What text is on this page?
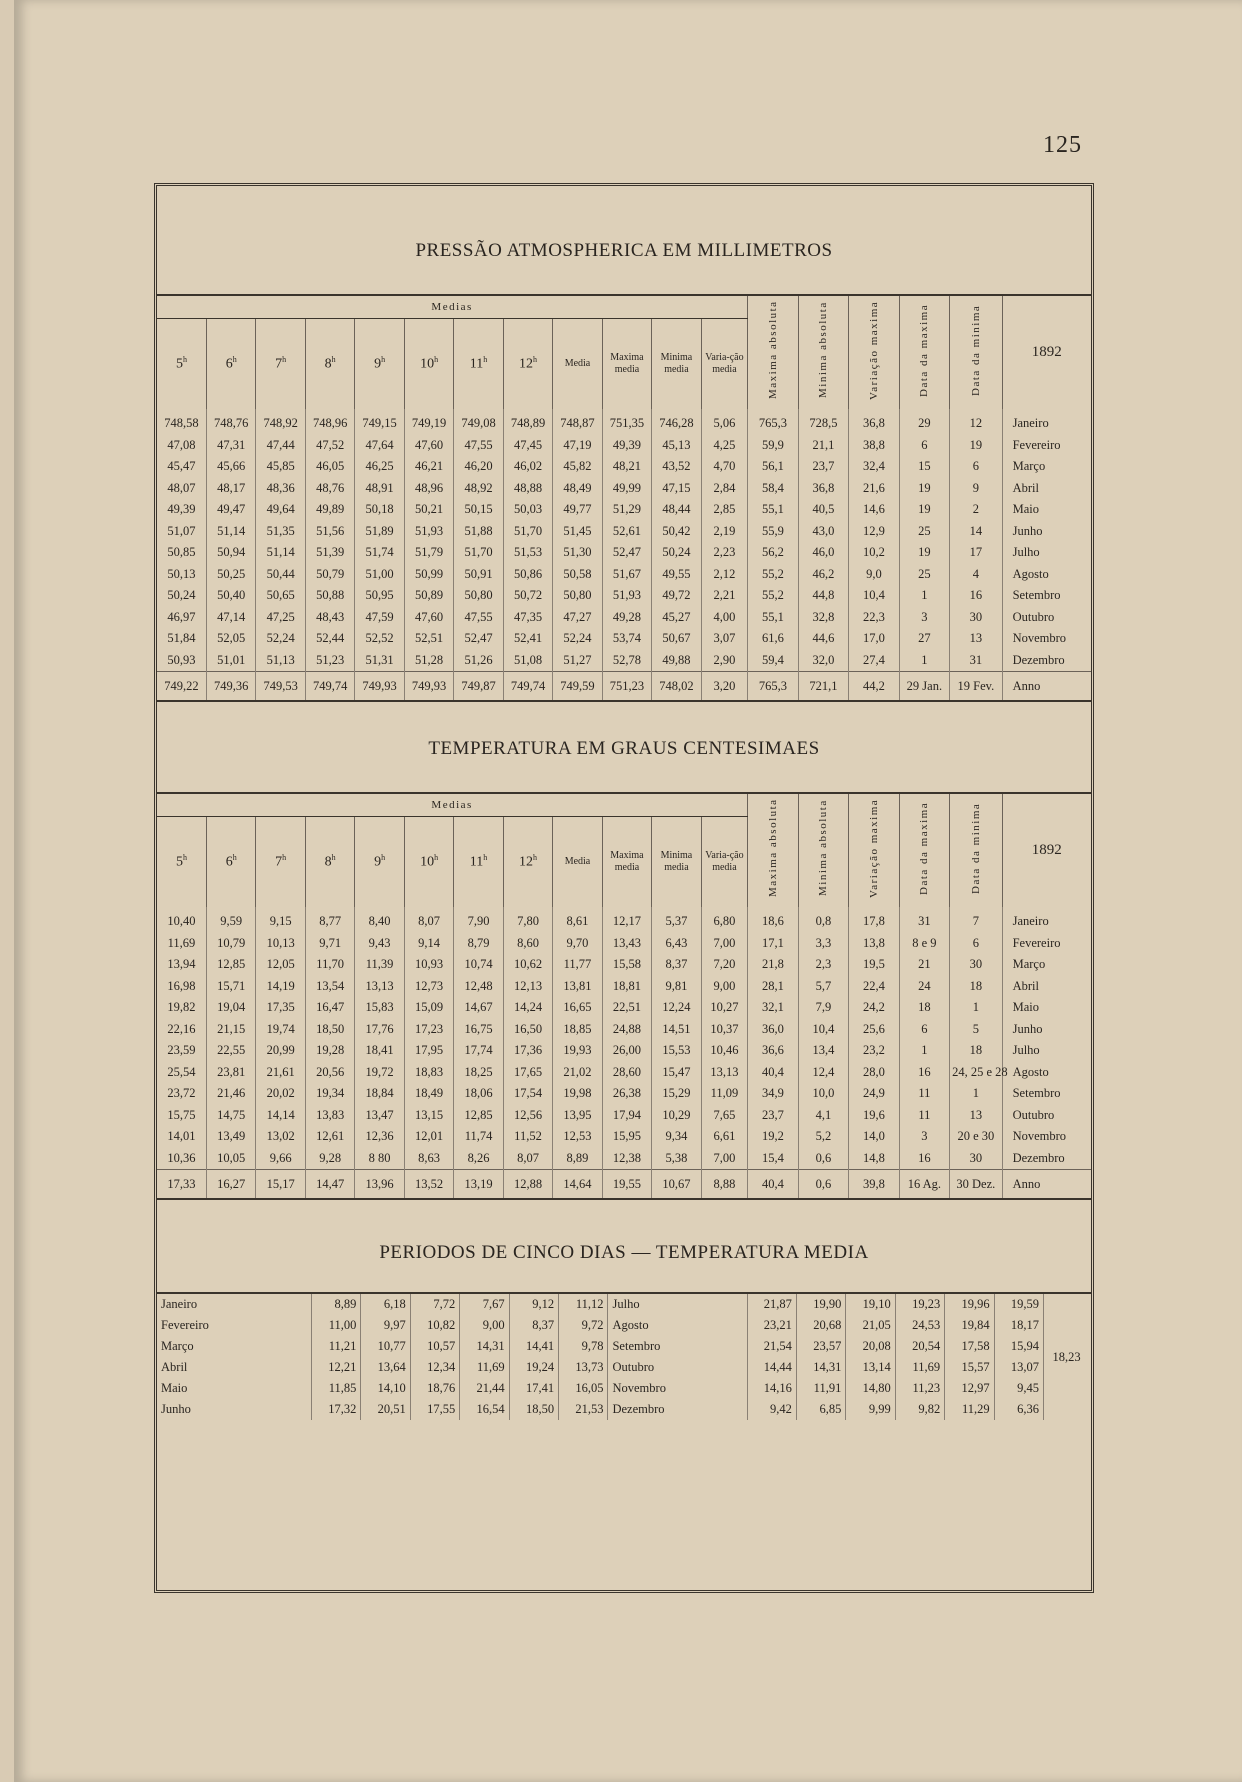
125
PRESSÃO ATMOSPHERICA EM MILLIMETROS
Medias												Maxima absoluta	Minima absoluta	Variação maxima	Data da maxima	Data da minima	1892
5$^h$	6$^h$	7$^h$	8$^h$	9$^h$	10$^h$	11$^h$	12$^h$	Media	Maxima media	Minima media	Varia-ção media						
748,58	748,76	748,92	748,96	749,15	749,19	749,08	748,89	748,87	751,35	746,28	5,06	765,3	728,5	36,8	29	12	Janeiro
47,08	47,31	47,44	47,52	47,64	47,60	47,55	47,45	47,19	49,39	45,13	4,25	59,9	21,1	38,8	6	19	Fevereiro
45,47	45,66	45,85	46,05	46,25	46,21	46,20	46,02	45,82	48,21	43,52	4,70	56,1	23,7	32,4	15	6	Março
48,07	48,17	48,36	48,76	48,91	48,96	48,92	48,88	48,49	49,99	47,15	2,84	58,4	36,8	21,6	19	9	Abril
49,39	49,47	49,64	49,89	50,18	50,21	50,15	50,03	49,77	51,29	48,44	2,85	55,1	40,5	14,6	19	2	Maio
51,07	51,14	51,35	51,56	51,89	51,93	51,88	51,70	51,45	52,61	50,42	2,19	55,9	43,0	12,9	25	14	Junho
50,85	50,94	51,14	51,39	51,74	51,79	51,70	51,53	51,30	52,47	50,24	2,23	56,2	46,0	10,2	19	17	Julho
50,13	50,25	50,44	50,79	51,00	50,99	50,91	50,86	50,58	51,67	49,55	2,12	55,2	46,2	9,0	25	4	Agosto
50,24	50,40	50,65	50,88	50,95	50,89	50,80	50,72	50,80	51,93	49,72	2,21	55,2	44,8	10,4	1	16	Setembro
46,97	47,14	47,25	48,43	47,59	47,60	47,55	47,35	47,27	49,28	45,27	4,00	55,1	32,8	22,3	3	30	Outubro
51,84	52,05	52,24	52,44	52,52	52,51	52,47	52,41	52,24	53,74	50,67	3,07	61,6	44,6	17,0	27	13	Novembro
50,93	51,01	51,13	51,23	51,31	51,28	51,26	51,08	51,27	52,78	49,88	2,90	59,4	32,0	27,4	1	31	Dezembro
749,22	749,36	749,53	749,74	749,93	749,93	749,87	749,74	749,59	751,23	748,02	3,20	765,3	721,1	44,2	29 Jan.	19 Fev.	Anno
TEMPERATURA EM GRAUS CENTESIMAES
Medias												Maxima absoluta	Minima absoluta	Variação maxima	Data da maxima	Data da minima	1892
5$^h$	6$^h$	7$^h$	8$^h$	9$^h$	10$^h$	11$^h$	12$^h$	Media	Maxima media	Minima media	Varia-ção media						
10,40	9,59	9,15	8,77	8,40	8,07	7,90	7,80	8,61	12,17	5,37	6,80	18,6	0,8	17,8	31	7	Janeiro
11,69	10,79	10,13	9,71	9,43	9,14	8,79	8,60	9,70	13,43	6,43	7,00	17,1	3,3	13,8	8 e 9	6	Fevereiro
13,94	12,85	12,05	11,70	11,39	10,93	10,74	10,62	11,77	15,58	8,37	7,20	21,8	2,3	19,5	21	30	Março
16,98	15,71	14,19	13,54	13,13	12,73	12,48	12,13	13,81	18,81	9,81	9,00	28,1	5,7	22,4	24	18	Abril
19,82	19,04	17,35	16,47	15,83	15,09	14,67	14,24	16,65	22,51	12,24	10,27	32,1	7,9	24,2	18	1	Maio
22,16	21,15	19,74	18,50	17,76	17,23	16,75	16,50	18,85	24,88	14,51	10,37	36,0	10,4	25,6	6	5	Junho
23,59	22,55	20,99	19,28	18,41	17,95	17,74	17,36	19,93	26,00	15,53	10,46	36,6	13,4	23,2	1	18	Julho
25,54	23,81	21,61	20,56	19,72	18,83	18,25	17,65	21,02	28,60	15,47	13,13	40,4	12,4	28,0	16	24, 25 e 28	Agosto
23,72	21,46	20,02	19,34	18,84	18,49	18,06	17,54	19,98	26,38	15,29	11,09	34,9	10,0	24,9	11	1	Setembro
15,75	14,75	14,14	13,83	13,47	13,15	12,85	12,56	13,95	17,94	10,29	7,65	23,7	4,1	19,6	11	13	Outubro
14,01	13,49	13,02	12,61	12,36	12,01	11,74	11,52	12,53	15,95	9,34	6,61	19,2	5,2	14,0	3	20 e 30	Novembro
10,36	10,05	9,66	9,28	8 80	8,63	8,26	8,07	8,89	12,38	5,38	7,00	15,4	0,6	14,8	16	30	Dezembro
17,33	16,27	15,17	14,47	13,96	13,52	13,19	12,88	14,64	19,55	10,67	8,88	40,4	0,6	39,8	16 Ag.	30 Dez.	Anno
PERIODOS DE CINCO DIAS — TEMPERATURA MEDIA
Janeiro	8,89	6,18	7,72	7,67	9,12	11,12	Julho	21,87	19,90	19,10	19,23	19,96	19,59	18,23
Fevereiro	11,00	9,97	10,82	9,00	8,37	9,72	Agosto	23,21	20,68	21,05	24,53	19,84	18,17	
Março	11,21	10,77	10,57	14,31	14,41	9,78	Setembro	21,54	23,57	20,08	20,54	17,58	15,94	
Abril	12,21	13,64	12,34	11,69	19,24	13,73	Outubro	14,44	14,31	13,14	11,69	15,57	13,07	
Maio	11,85	14,10	18,76	21,44	17,41	16,05	Novembro	14,16	11,91	14,80	11,23	12,97	9,45	
Junho	17,32	20,51	17,55	16,54	18,50	21,53	Dezembro	9,42	6,85	9,99	9,82	11,29	6,36	
